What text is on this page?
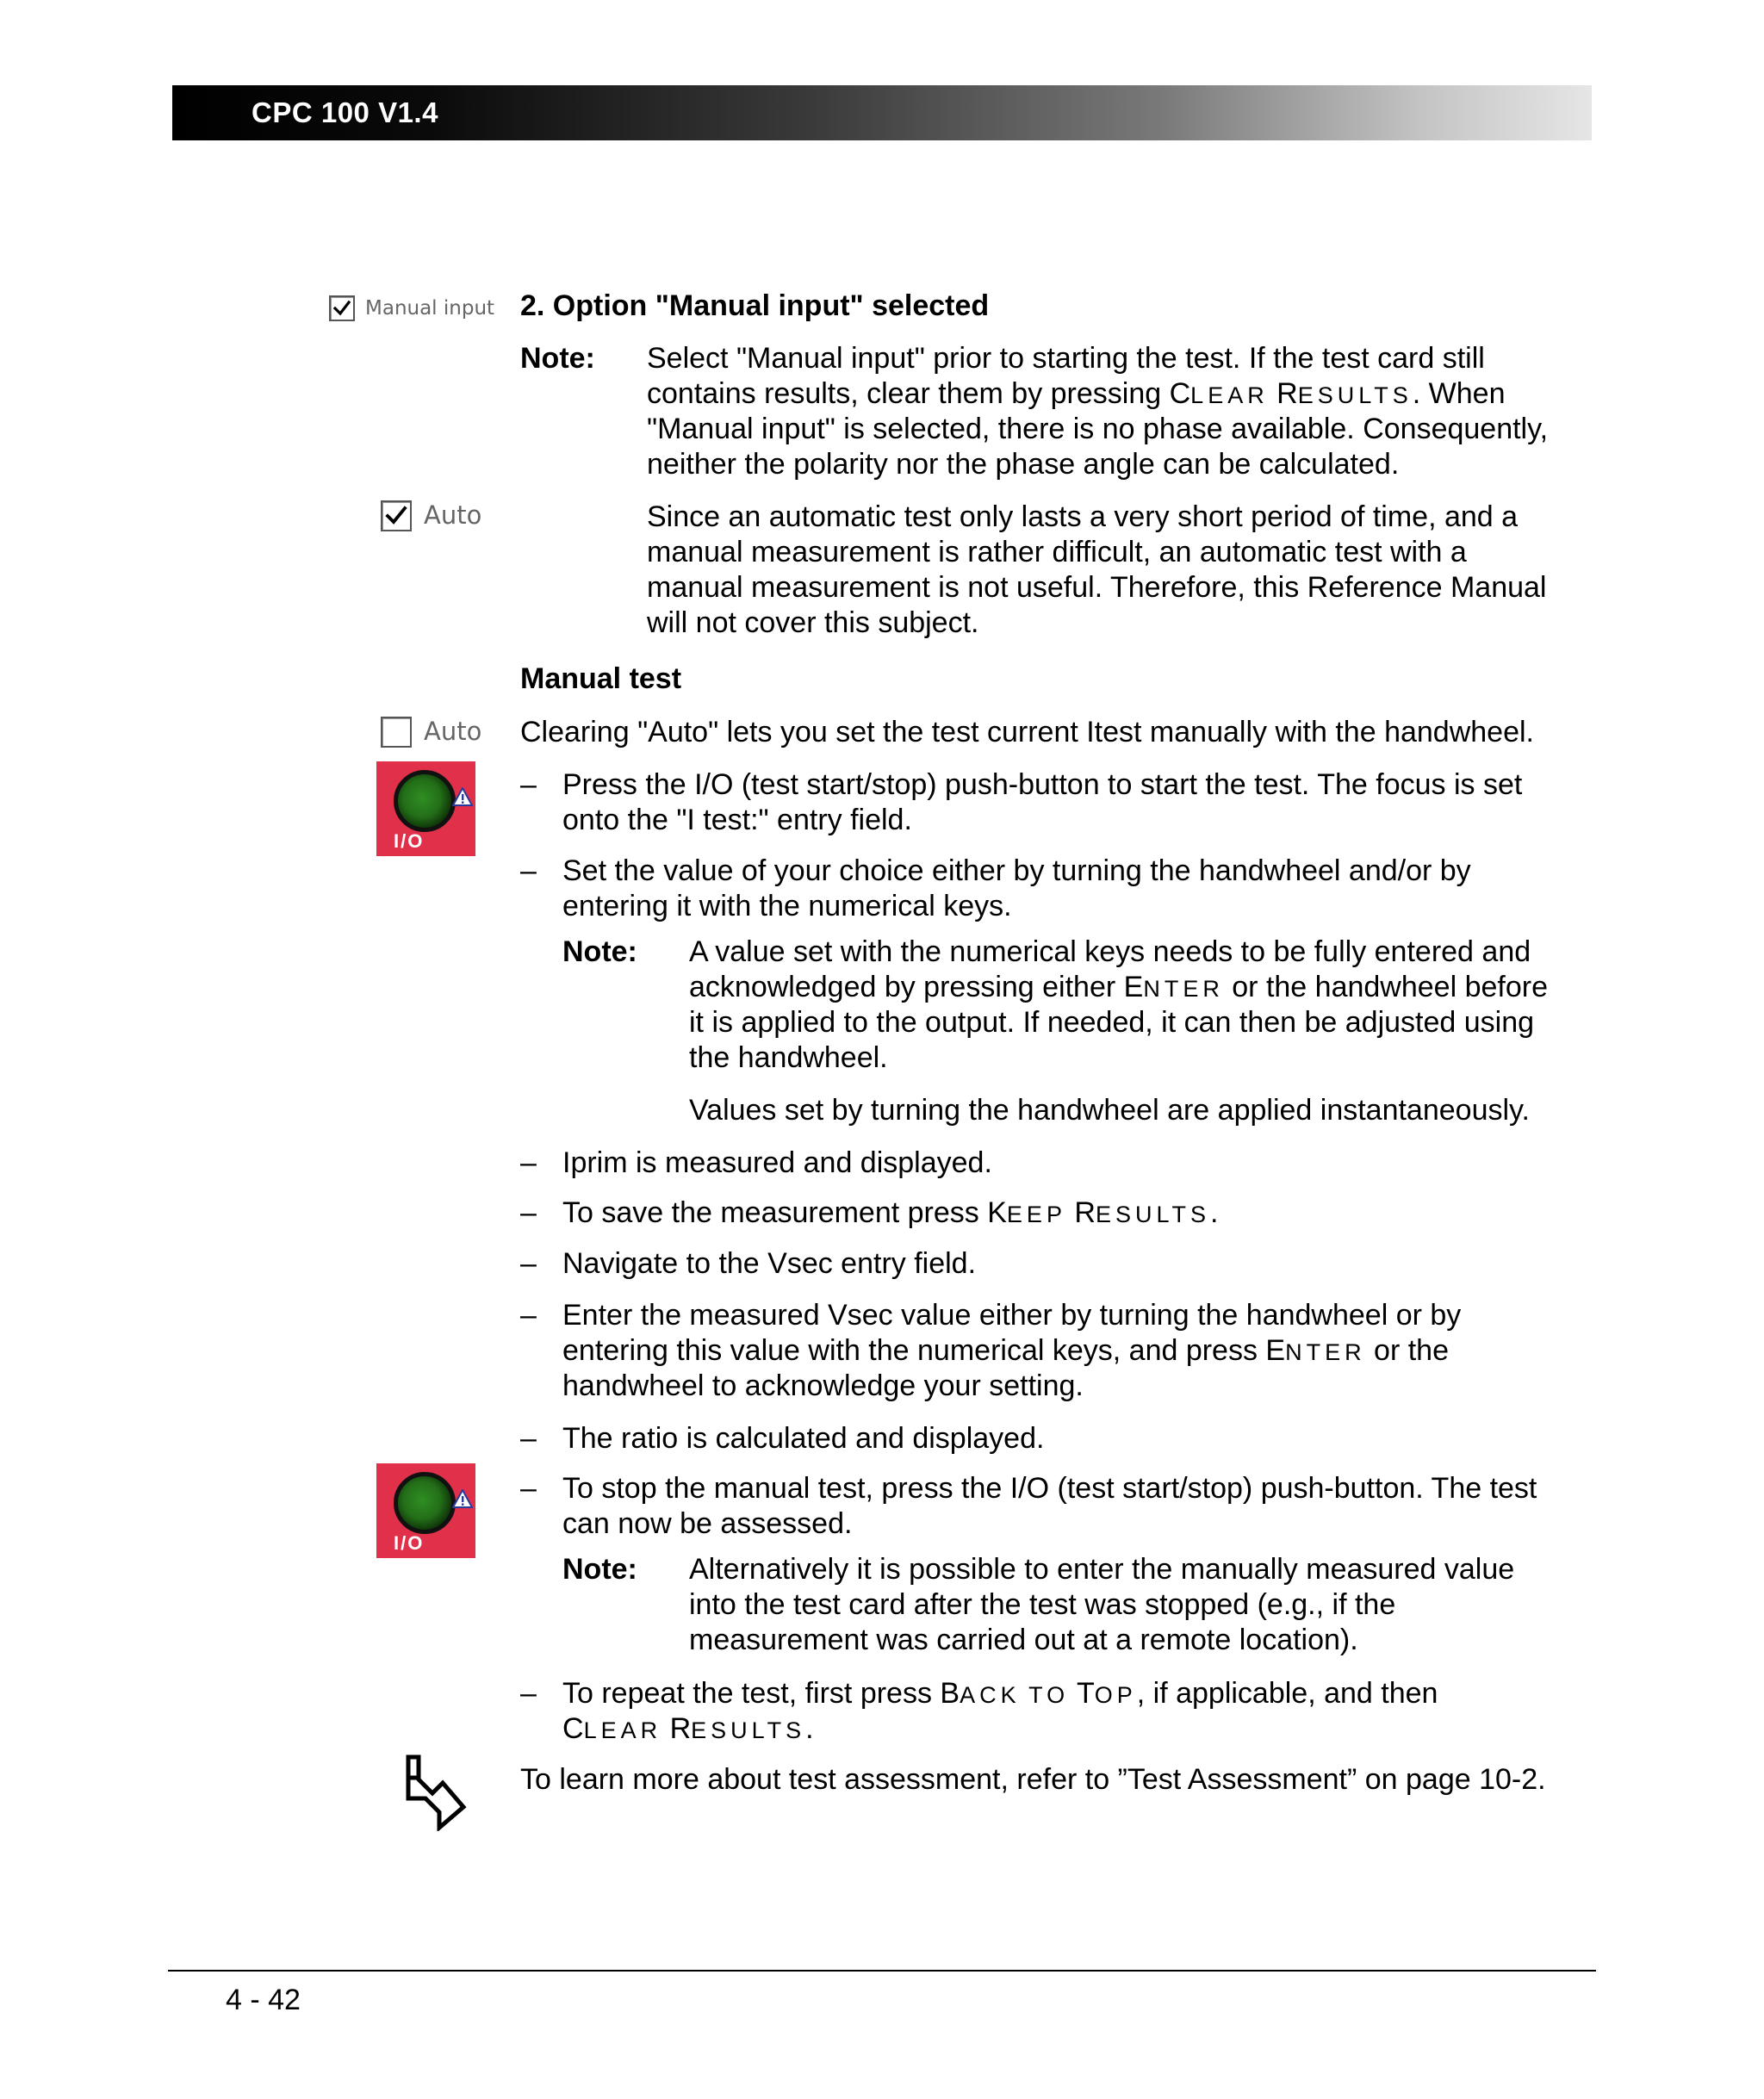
CPC 100 V1.4
Manual input
Auto
Auto
I/O
I/O
2. Option "Manual input" selected
Note: Select "Manual input" prior to starting the test. If the test card still
contains results, clear them by pressing CLEAR RESULTS. When
"Manual input" is selected, there is no phase available. Consequently,
neither the polarity nor the phase angle can be calculated.
Since an automatic test only lasts a very short period of time, and a
manual measurement is rather difficult, an automatic test with a
manual measurement is not useful. Therefore, this Reference Manual
will not cover this subject.
Manual test
Clearing "Auto" lets you set the test current Itest manually with the handwheel.
– Press the I/O (test start/stop) push-button to start the test. The focus is set
onto the "I test:" entry field.
– Set the value of your choice either by turning the handwheel and/or by
entering it with the numerical keys.
Note: A value set with the numerical keys needs to be fully entered and
acknowledged by pressing either ENTER or the handwheel before
it is applied to the output. If needed, it can then be adjusted using
the handwheel.
Values set by turning the handwheel are applied instantaneously.
– Iprim is measured and displayed.
– To save the measurement press KEEP RESULTS.
– Navigate to the Vsec entry field.
– Enter the measured Vsec value either by turning the handwheel or by
entering this value with the numerical keys, and press ENTER or the
handwheel to acknowledge your setting.
– The ratio is calculated and displayed.
– To stop the manual test, press the I/O (test start/stop) push-button. The test
can now be assessed.
Note: Alternatively it is possible to enter the manually measured value
into the test card after the test was stopped (e.g., if the
measurement was carried out at a remote location).
– To repeat the test, first press BACK TO TOP, if applicable, and then
CLEAR RESULTS.
To learn more about test assessment, refer to ”Test Assessment” on page 10-2.
4 - 42
